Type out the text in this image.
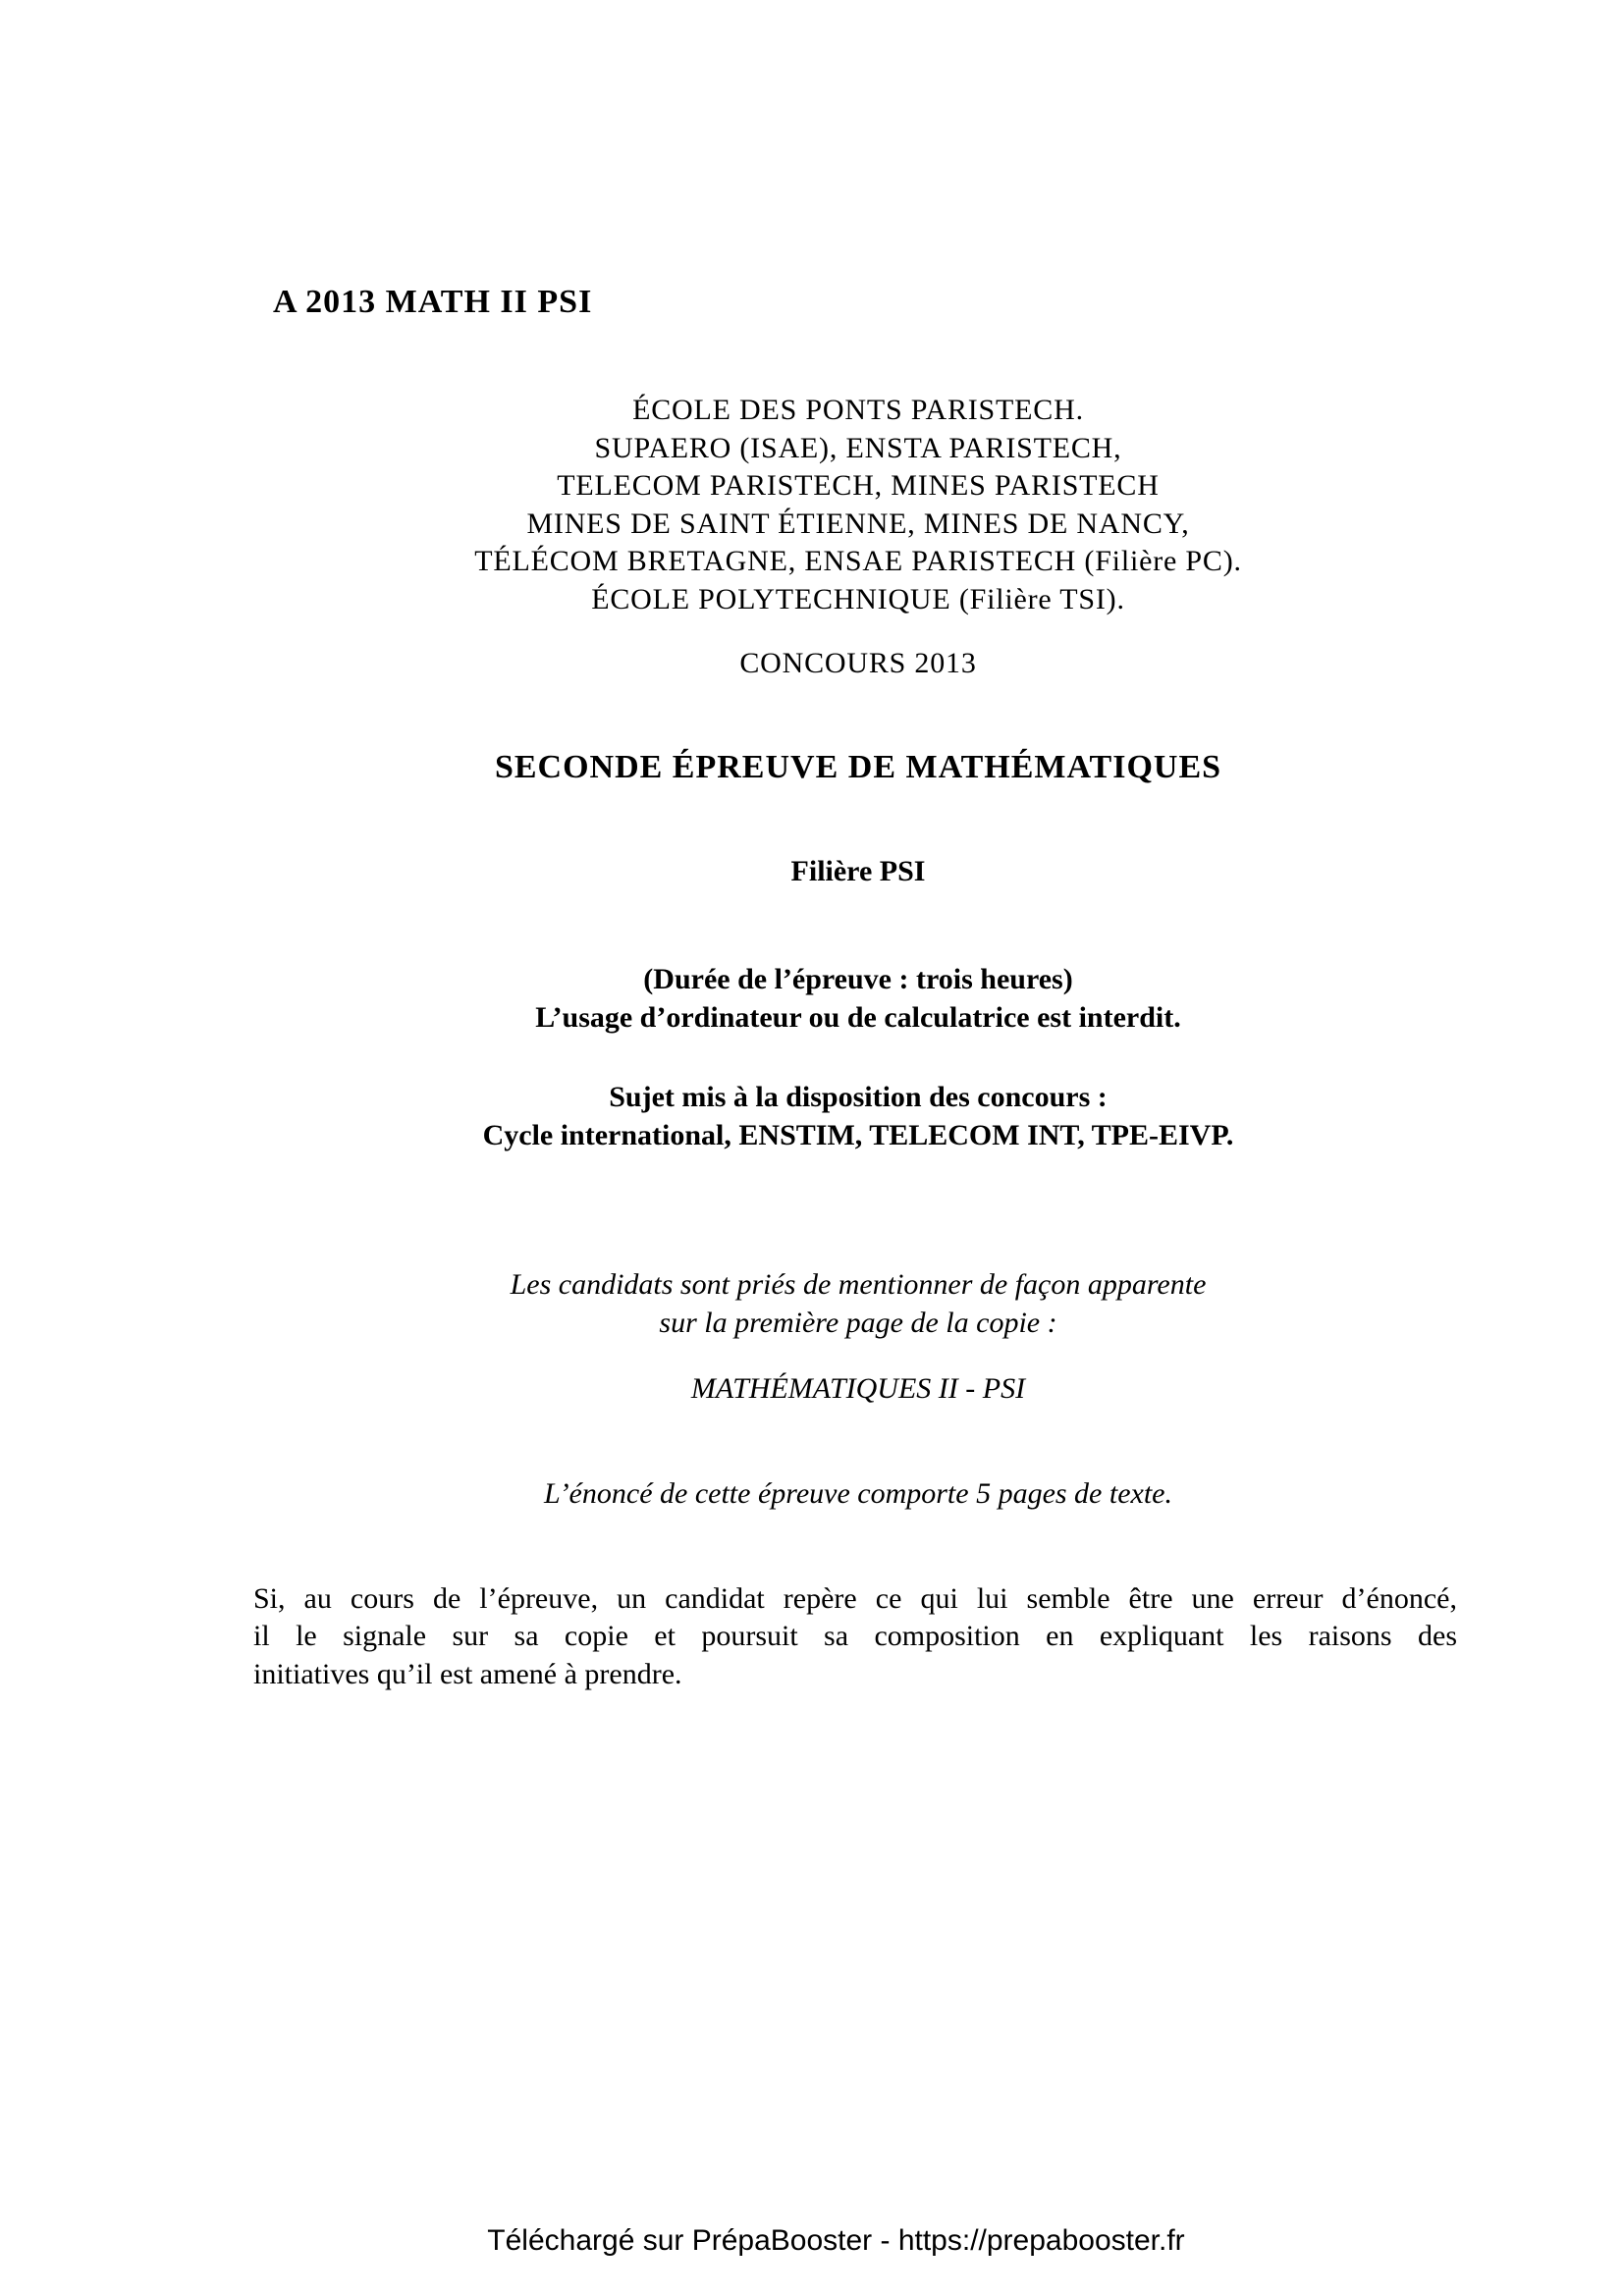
A 2013 MATH II PSI
ÉCOLE DES PONTS PARISTECH.
SUPAERO (ISAE), ENSTA PARISTECH,
TELECOM PARISTECH, MINES PARISTECH
MINES DE SAINT ÉTIENNE, MINES DE NANCY,
TÉLÉCOM BRETAGNE, ENSAE PARISTECH (Filière PC).
ÉCOLE POLYTECHNIQUE (Filière TSI).
CONCOURS 2013
SECONDE ÉPREUVE DE MATHÉMATIQUES
Filière PSI
(Durée de l’épreuve : trois heures)
L’usage d’ordinateur ou de calculatrice est interdit.
Sujet mis à la disposition des concours :
Cycle international, ENSTIM, TELECOM INT, TPE-EIVP.
Les candidats sont priés de mentionner de façon apparente
sur la première page de la copie :
MATHÉMATIQUES II - PSI
L’énoncé de cette épreuve comporte 5 pages de texte.
Si, au cours de l’épreuve, un candidat repère ce qui lui semble être une erreur d’énoncé,
il le signale sur sa copie et poursuit sa composition en expliquant les raisons des
initiatives qu’il est amené à prendre.
Téléchargé sur PrépaBooster - https://prepabooster.fr
